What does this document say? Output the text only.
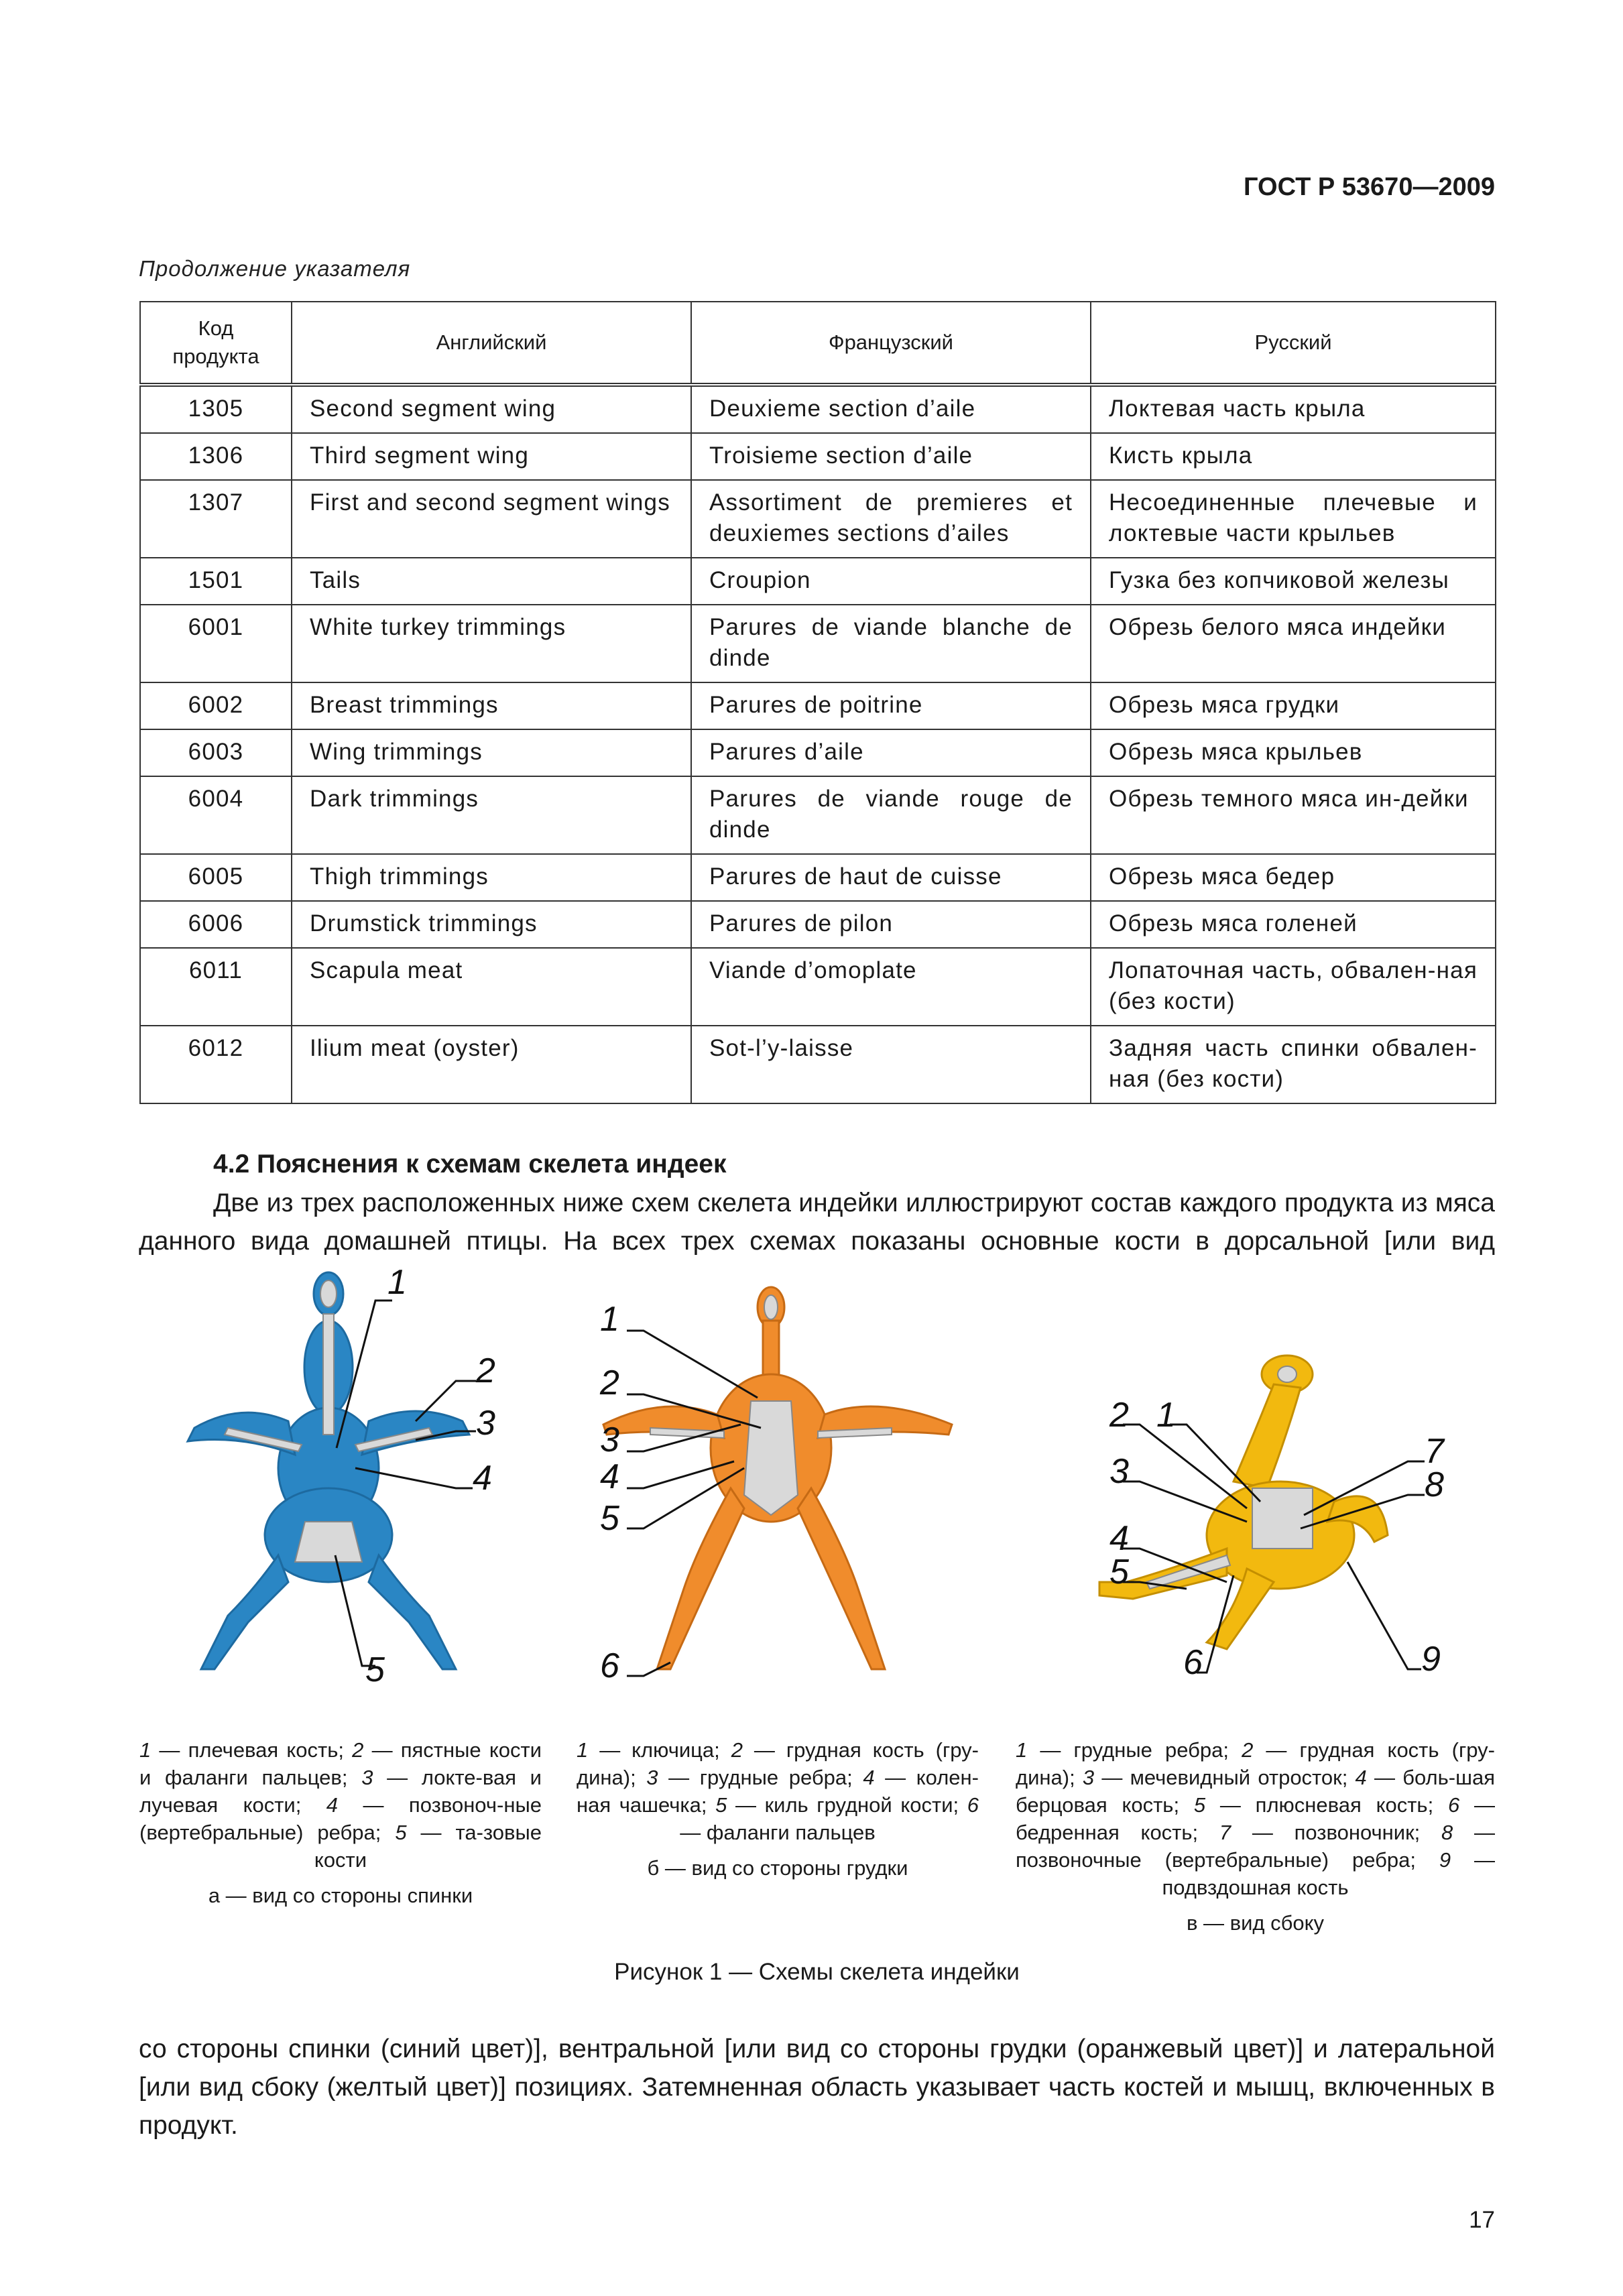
ГОСТ Р 53670—2009
Продолжение указателя
Код продукта	Английский	Французский	Русский
1305	Second segment wing	Deuxieme section d’aile	Локтевая часть крыла
1306	Third segment wing	Troisieme section d’aile	Кисть крыла
1307	First and second segment wings	Assortiment de premieres et deuxiemes sections d’ailes	Несоединенные плечевые и локтевые части крыльев
1501	Tails	Croupion	Гузка без копчиковой железы
6001	White turkey trimmings	Parures de viande blanche de dinde	Обрезь белого мяса индейки
6002	Breast trimmings	Parures de poitrine	Обрезь мяса грудки
6003	Wing trimmings	Parures d’aile	Обрезь мяса крыльев
6004	Dark trimmings	Parures de viande rouge de dinde	Обрезь темного мяса ин-дейки
6005	Thigh trimmings	Parures de haut de cuisse	Обрезь мяса бедер
6006	Drumstick trimmings	Parures de pilon	Обрезь мяса голеней
6011	Scapula meat	Viande d’omoplate	Лопаточная часть, обвален-ная (без кости)
6012	Ilium meat (oyster)	Sot-l’y-laisse	Задняя часть спинки обвален-ная (без кости)
4.2 Пояснения к схемам скелета индеек
Две из трех расположенных ниже схем скелета индейки иллюстрируют состав каждого продукта из мяса данного вида домашней птицы. На всех трех схемах показаны основные кости в дорсальной [или вид
1
2
3
4
5
1
2
3
4
5
6
2 1
3
4
5
6
7
8
9
1 — плечевая кость; 2 — пястные кости и фаланги пальцев; 3 — локте-вая и лучевая кости; 4 — позвоноч-ные (вертебральные) ребра; 5 — та-зовые кости
а — вид со стороны спинки
1 — ключица; 2 — грудная кость (гру-дина); 3 — грудные ребра; 4 — колен-ная чашечка; 5 — киль грудной кости; 6 — фаланги пальцев
б — вид со стороны грудки
1 — грудные ребра; 2 — грудная кость (гру-дина); 3 — мечевидный отросток; 4 — боль-шая берцовая кость; 5 — плюсневая кость; 6 — бедренная кость; 7 — позвоночник; 8 — позвоночные (вертебральные) ребра; 9 — подвздошная кость
в — вид сбоку
Рисунок 1 — Схемы скелета индейки
со стороны спинки (синий цвет)], вентральной [или вид со стороны грудки (оранжевый цвет)] и латеральной [или вид сбоку (желтый цвет)] позициях. Затемненная область указывает часть костей и мышц, включенных в продукт.
17
